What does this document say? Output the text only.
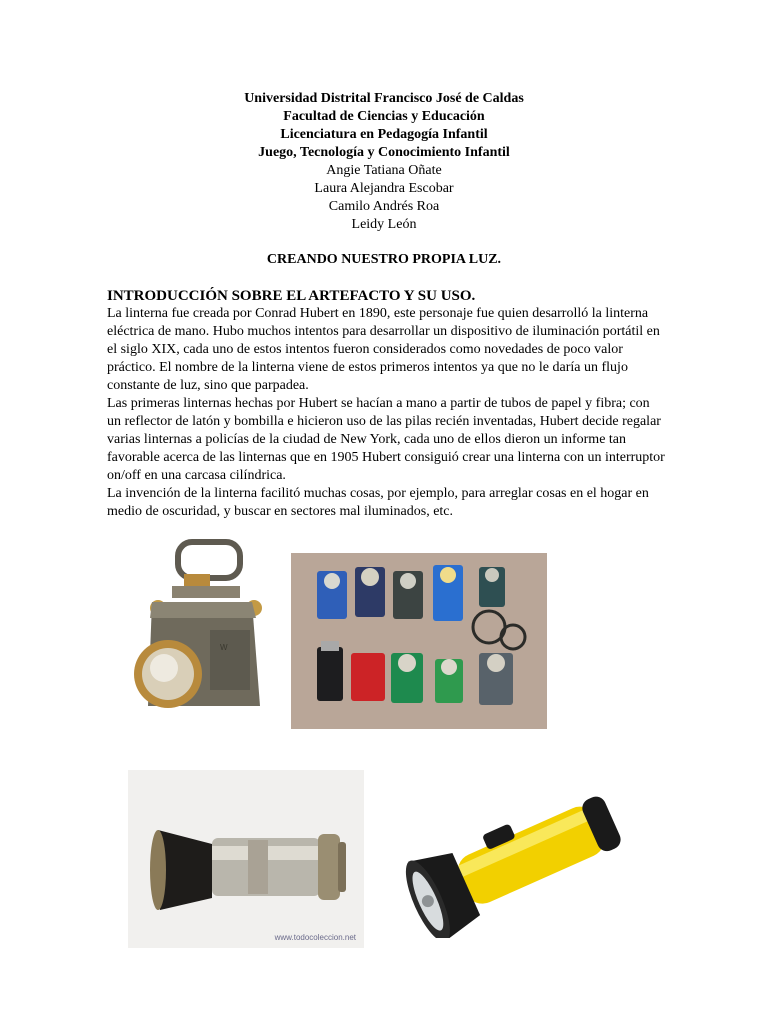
Universidad Distrital Francisco José de Caldas
Facultad de Ciencias y Educación
Licenciatura en Pedagogía Infantil
Juego, Tecnología y Conocimiento Infantil
Angie Tatiana Oñate
Laura Alejandra Escobar
Camilo Andrés Roa
Leidy León
CREANDO NUESTRO PROPIA LUZ.
INTRODUCCIÓN SOBRE EL ARTEFACTO Y SU USO.

La linterna fue creada por Conrad Hubert en 1890, este personaje fue quien desarrolló la linterna eléctrica de mano. Hubo muchos intentos para desarrollar un dispositivo de iluminación portátil en el siglo XIX, cada uno de estos intentos fueron considerados como novedades de poco valor práctico. El nombre de la linterna viene de estos primeros intentos ya que no le daría un flujo constante de luz, sino que parpadea.

Las primeras linternas hechas por Hubert se hacían a mano a partir de tubos de papel y fibra; con un reflector de latón y bombilla e hicieron uso de las pilas recién inventadas, Hubert decide regalar varias linternas a policías de la ciudad de New York, cada uno de ellos dieron un informe tan favorable acerca de las linternas que en 1905 Hubert consiguió crear una linterna con un interruptor on/off en una carcasa cilíndrica.

La invención de la linterna facilitó muchas cosas, por ejemplo, para arreglar cosas en el hogar en medio de oscuridad, y buscar en sectores mal iluminados, etc.

W
www.todocoleccion.net
